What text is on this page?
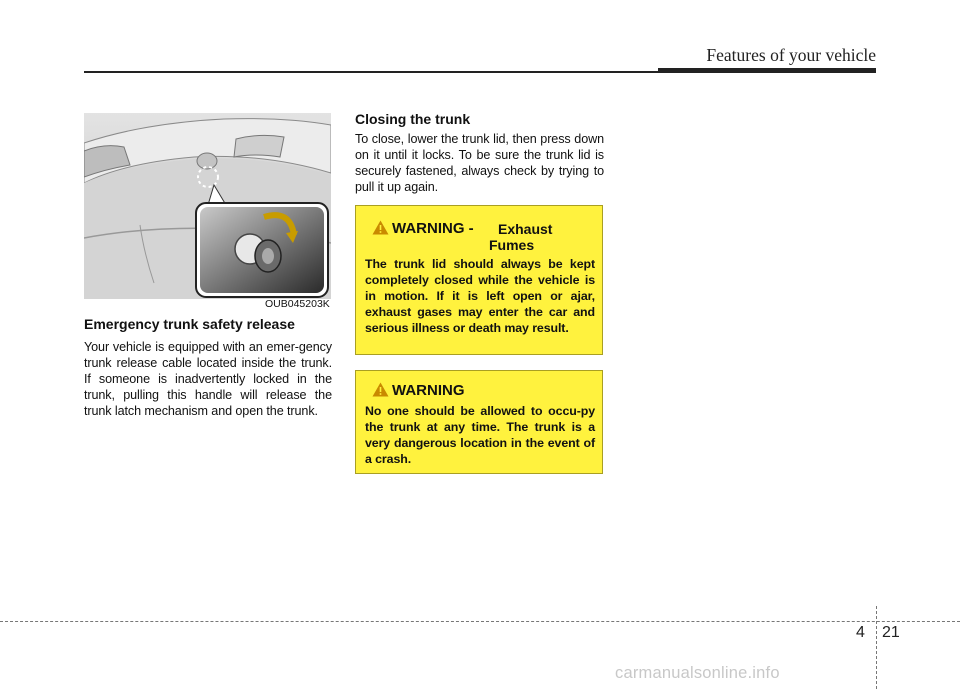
Features of your vehicle
OUB045203K
Emergency trunk safety release

Your vehicle is equipped with an emer-gency trunk release cable located inside the trunk. If someone is inadvertently locked in the trunk, pulling this handle will release the trunk latch mechanism and open the trunk.

Closing the trunk

To close, lower the trunk lid, then press down on it until it locks. To be sure the trunk lid is securely fastened, always check by trying to pull it up again.

WARNING - Exhaust
Fumes

The trunk lid should always be kept completely closed while the vehicle is in motion. If it is left open or ajar, exhaust gases may enter the car and serious illness or death may result.

WARNING

No one should be allowed to occu-py the trunk at any time. The trunk is a very dangerous location in the event of a crash.

4 21
carmanualsonline.info
